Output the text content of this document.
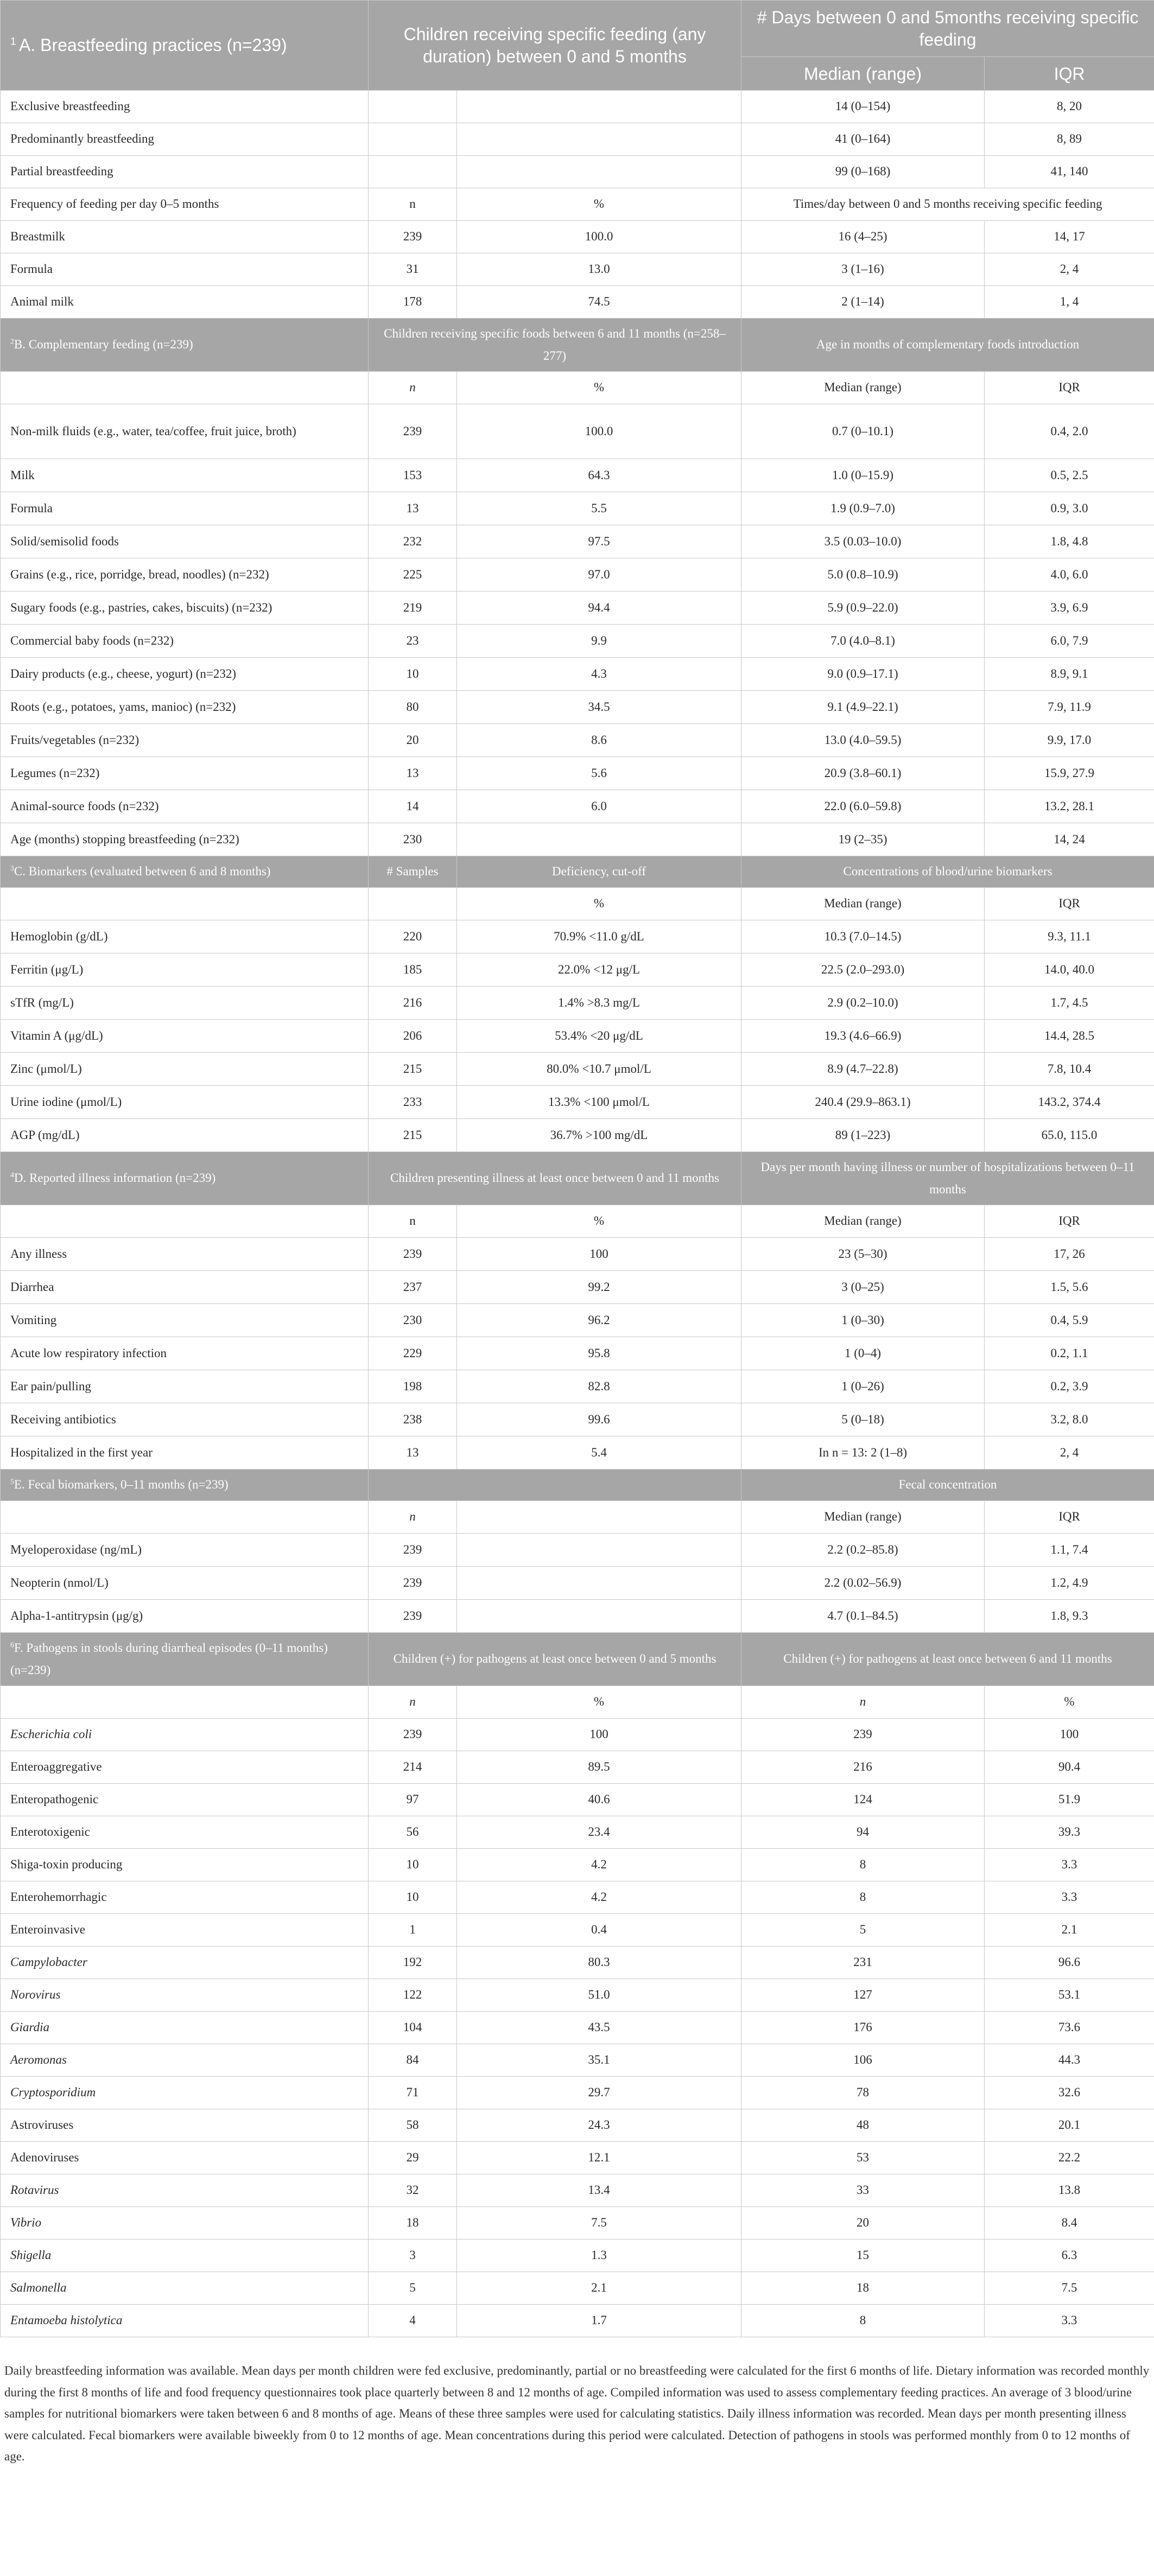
$^1$ A. Breastfeeding practices (n=239)	Children receiving specific feeding (any duration) between 0 and 5 months		# Days between 0 and 5months receiving specific feeding	
			Median (range)	IQR
Exclusive breastfeeding			14 (0–154)	8, 20
Predominantly breastfeeding			41 (0–164)	8, 89
Partial breastfeeding			99 (0–168)	41, 140
Frequency of feeding per day 0–5 months	n	%	Times/day between 0 and 5 months receiving specific feeding	
Breastmilk	239	100.0	16 (4–25)	14, 17
Formula	31	13.0	3 (1–16)	2, 4
Animal milk	178	74.5	2 (1–14)	1, 4
$^2$B. Complementary feeding (n=239)	Children receiving specific foods between 6 and 11 months (n=258–277)		Age in months of complementary foods introduction	
	n	%	Median (range)	IQR
Non-milk fluids (e.g., water, tea/coffee, fruit juice, broth)	239	100.0	0.7 (0–10.1)	0.4, 2.0
Milk	153	64.3	1.0 (0–15.9)	0.5, 2.5
Formula	13	5.5	1.9 (0.9–7.0)	0.9, 3.0
Solid/semisolid foods	232	97.5	3.5 (0.03–10.0)	1.8, 4.8
Grains (e.g., rice, porridge, bread, noodles) (n=232)	225	97.0	5.0 (0.8–10.9)	4.0, 6.0
Sugary foods (e.g., pastries, cakes, biscuits) (n=232)	219	94.4	5.9 (0.9–22.0)	3.9, 6.9
Commercial baby foods (n=232)	23	9.9	7.0 (4.0–8.1)	6.0, 7.9
Dairy products (e.g., cheese, yogurt) (n=232)	10	4.3	9.0 (0.9–17.1)	8.9, 9.1
Roots (e.g., potatoes, yams, manioc) (n=232)	80	34.5	9.1 (4.9–22.1)	7.9, 11.9
Fruits/vegetables (n=232)	20	8.6	13.0 (4.0–59.5)	9.9, 17.0
Legumes (n=232)	13	5.6	20.9 (3.8–60.1)	15.9, 27.9
Animal-source foods (n=232)	14	6.0	22.0 (6.0–59.8)	13.2, 28.1
Age (months) stopping breastfeeding (n=232)	230		19 (2–35)	14, 24
$^3$C. Biomarkers (evaluated between 6 and 8 months)	# Samples	Deficiency, cut-off	Concentrations of blood/urine biomarkers	
		%	Median (range)	IQR
Hemoglobin (g/dL)	220	70.9% <11.0 g/dL	10.3 (7.0–14.5)	9.3, 11.1
Ferritin (μg/L)	185	22.0% <12 μg/L	22.5 (2.0–293.0)	14.0, 40.0
sTfR (mg/L)	216	1.4% >8.3 mg/L	2.9 (0.2–10.0)	1.7, 4.5
Vitamin A (μg/dL)	206	53.4% <20 μg/dL	19.3 (4.6–66.9)	14.4, 28.5
Zinc (μmol/L)	215	80.0% <10.7 μmol/L	8.9 (4.7–22.8)	7.8, 10.4
Urine iodine (μmol/L)	233	13.3% <100 μmol/L	240.4 (29.9–863.1)	143.2, 374.4
AGP (mg/dL)	215	36.7% >100 mg/dL	89 (1–223)	65.0, 115.0
$^4$D. Reported illness information (n=239)	Children presenting illness at least once between 0 and 11 months		Days per month having illness or number of hospitalizations between 0–11 months	
	n	%	Median (range)	IQR
Any illness	239	100	23 (5–30)	17, 26
Diarrhea	237	99.2	3 (0–25)	1.5, 5.6
Vomiting	230	96.2	1 (0–30)	0.4, 5.9
Acute low respiratory infection	229	95.8	1 (0–4)	0.2, 1.1
Ear pain/pulling	198	82.8	1 (0–26)	0.2, 3.9
Receiving antibiotics	238	99.6	5 (0–18)	3.2, 8.0
Hospitalized in the first year	13	5.4	In n = 13: 2 (1–8)	2, 4
$^5$E. Fecal biomarkers, 0–11 months (n=239)			Fecal concentration	
	n		Median (range)	IQR
Myeloperoxidase (ng/mL)	239		2.2 (0.2–85.8)	1.1, 7.4
Neopterin (nmol/L)	239		2.2 (0.02–56.9)	1.2, 4.9
Alpha-1-antitrypsin (μg/g)	239		4.7 (0.1–84.5)	1.8, 9.3
$^6$F. Pathogens in stools during diarrheal episodes (0–11 months) (n=239)	Children (+) for pathogens at least once between 0 and 5 months		Children (+) for pathogens at least once between 6 and 11 months	
	n	%	n	%
Escherichia coli	239	100	239	100
Enteroaggregative	214	89.5	216	90.4
Enteropathogenic	97	40.6	124	51.9
Enterotoxigenic	56	23.4	94	39.3
Shiga-toxin producing	10	4.2	8	3.3
Enterohemorrhagic	10	4.2	8	3.3
Enteroinvasive	1	0.4	5	2.1
Campylobacter	192	80.3	231	96.6
Norovirus	122	51.0	127	53.1
Giardia	104	43.5	176	73.6
Aeromonas	84	35.1	106	44.3
Cryptosporidium	71	29.7	78	32.6
Astroviruses	58	24.3	48	20.1
Adenoviruses	29	12.1	53	22.2
Rotavirus	32	13.4	33	13.8
Vibrio	18	7.5	20	8.4
Shigella	3	1.3	15	6.3
Salmonella	5	2.1	18	7.5
Entamoeba histolytica	4	1.7	8	3.3
Daily breastfeeding information was available. Mean days per month children were fed exclusive, predominantly, partial or no breastfeeding were calculated for the first 6 months of life. Dietary information was recorded monthly during the first 8 months of life and food frequency questionnaires took place quarterly between 8 and 12 months of age. Compiled information was used to assess complementary feeding practices. An average of 3 blood/urine samples for nutritional biomarkers were taken between 6 and 8 months of age. Means of these three samples were used for calculating statistics. Daily illness information was recorded. Mean days per month presenting illness were calculated. Fecal biomarkers were available biweekly from 0 to 12 months of age. Mean concentrations during this period were calculated. Detection of pathogens in stools was performed monthly from 0 to 12 months of age.
